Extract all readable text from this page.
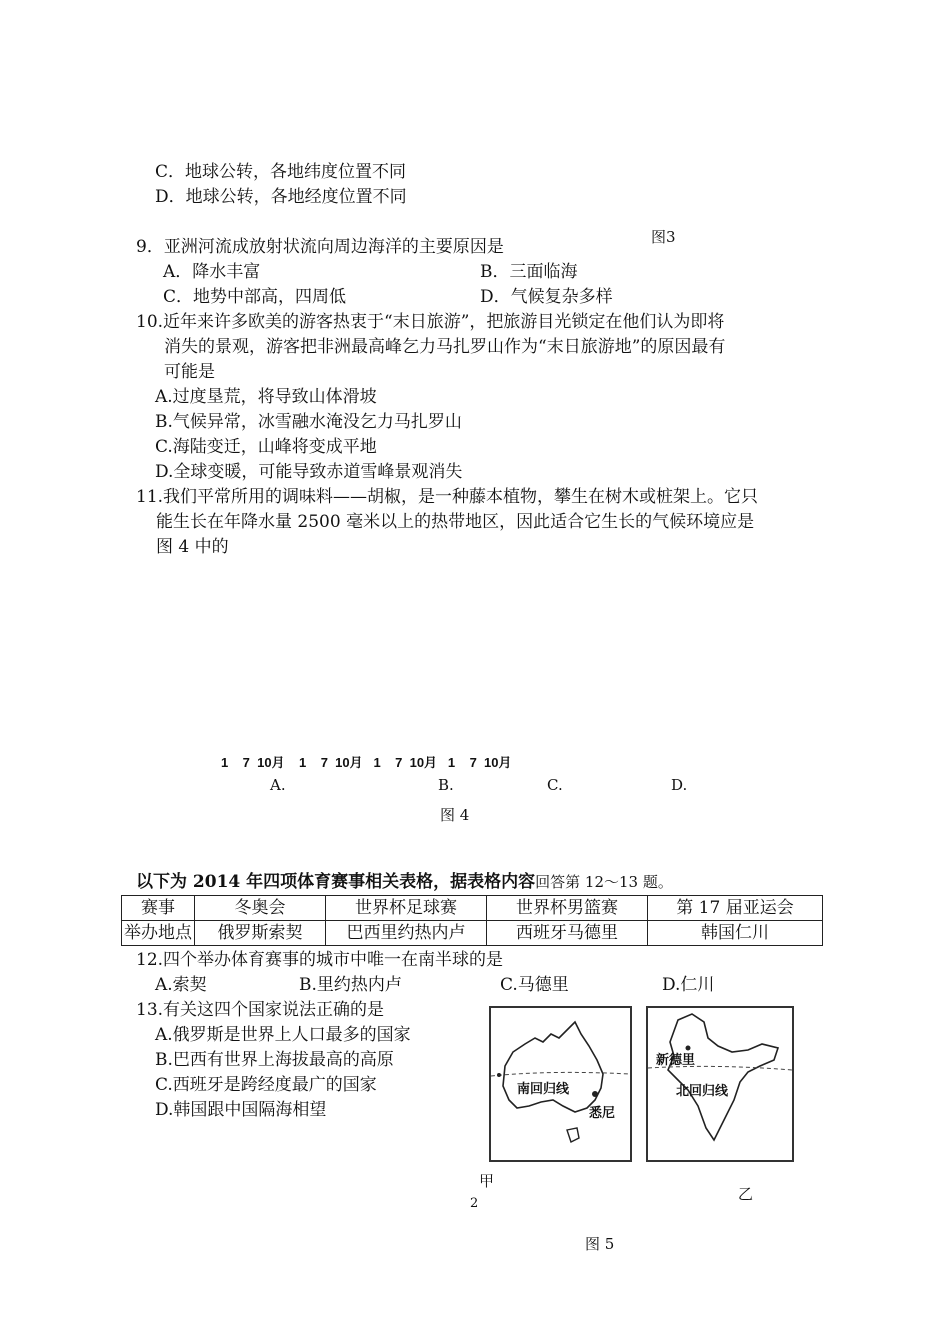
C．地球公转，各地纬度位置不同
D．地球公转，各地经度位置不同
图3
9．亚洲河流成放射状流向周边海洋的主要原因是
A．降水丰富	B．三面临海
C．地势中部高，四周低	D．气候复杂多样
10.近年来许多欧美的游客热衷于“末日旅游”，把旅游目光锁定在他们认为即将
消失的景观，游客把非洲最高峰乞力马扎罗山作为“末日旅游地”的原因最有
可能是
A.过度垦荒，将导致山体滑坡
B.气候异常，冰雪融水淹没乞力马扎罗山
C.海陆变迁，山峰将变成平地
D.全球变暖，可能导致赤道雪峰景观消失
11.我们平常所用的调味料——胡椒，是一种藤本植物，攀生在树木或桩架上。它只
能生长在年降水量 2500 毫米以上的热带地区，因此适合它生长的气候环境应是
图 4 中的
1    7  10月    1    7  10月   1    7  10月   1    7  10月
A.	B.	C.	D.
图 4
以下为 2014 年四项体育赛事相关表格，据表格内容回答第 12～13 题。
赛事	冬奥会	世界杯足球赛	世界杯男篮赛	第 17 届亚运会
举办地点	俄罗斯索契	巴西里约热内卢	西班牙马德里	韩国仁川
12.四个举办体育赛事的城市中唯一在南半球的是
A.索契	B.里约热内卢	C.马德里	D.仁川
13.有关这四个国家说法正确的是
A.俄罗斯是世界上人口最多的国家
B.巴西有世界上海拔最高的高原
C.西班牙是跨经度最广的国家
D.韩国跟中国隔海相望
南回归线
悉尼
新德里
北回归线
甲
2
乙
图 5
